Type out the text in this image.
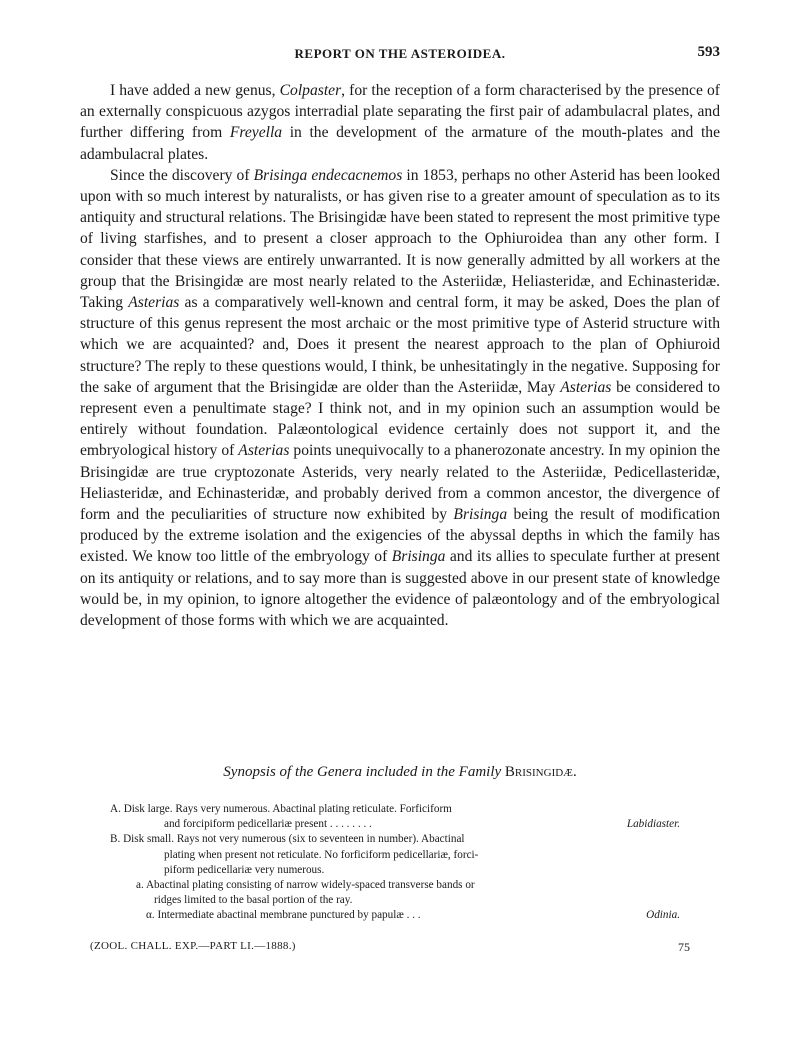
REPORT ON THE ASTEROIDEA.	593

I have added a new genus, Colpaster, for the reception of a form characterised by the presence of an externally conspicuous azygos interradial plate separating the first pair of adambulacral plates, and further differing from Freyella in the development of the armature of the mouth-plates and the adambulacral plates.

Since the discovery of Brisinga endecacnemos in 1853, perhaps no other Asterid has been looked upon with so much interest by naturalists, or has given rise to a greater amount of speculation as to its antiquity and structural relations. The Brisingidæ have been stated to represent the most primitive type of living starfishes, and to present a closer approach to the Ophiuroidea than any other form. I consider that these views are entirely unwarranted. It is now generally admitted by all workers at the group that the Brisingidæ are most nearly related to the Asteriidæ, Heliasteridæ, and Echinasteridæ. Taking Asterias as a comparatively well-known and central form, it may be asked, Does the plan of structure of this genus represent the most archaic or the most primitive type of Asterid structure with which we are acquainted? and, Does it present the nearest approach to the plan of Ophiuroid structure? The reply to these questions would, I think, be unhesitatingly in the negative. Supposing for the sake of argument that the Brisingidæ are older than the Asteriidæ, May Asterias be considered to represent even a penultimate stage? I think not, and in my opinion such an assumption would be entirely without foundation. Palæontological evidence certainly does not support it, and the embryological history of Asterias points unequivocally to a phanerozonate ancestry. In my opinion the Brisingidæ are true cryptozonate Asterids, very nearly related to the Asteriidæ, Pedicellasteridæ, Heliasteridæ, and Echinasteridæ, and probably derived from a common ancestor, the divergence of form and the peculiarities of structure now exhibited by Brisinga being the result of modification produced by the extreme isolation and the exigencies of the abyssal depths in which the family has existed. We know too little of the embryology of Brisinga and its allies to speculate further at present on its antiquity or relations, and to say more than is suggested above in our present state of knowledge would be, in my opinion, to ignore altogether the evidence of palæontology and of the embryological development of those forms with which we are acquainted.

Synopsis of the Genera included in the Family Brisingidæ.
A. Disk large. Rays very numerous. Abactinal plating reticulate. Forficiform
and forcipiform pedicellariæ present . . . . . . . .	Labidiaster.
B. Disk small. Rays not very numerous (six to seventeen in number). Abactinal
plating when present not reticulate. No forficiform pedicellariæ, forci-
piform pedicellariæ very numerous.
a. Abactinal plating consisting of narrow widely-spaced transverse bands or
ridges limited to the basal portion of the ray.
α. Intermediate abactinal membrane punctured by papulæ . . .	Odinia.
(ZOOL. CHALL. EXP.—PART LI.—1888.)	75
